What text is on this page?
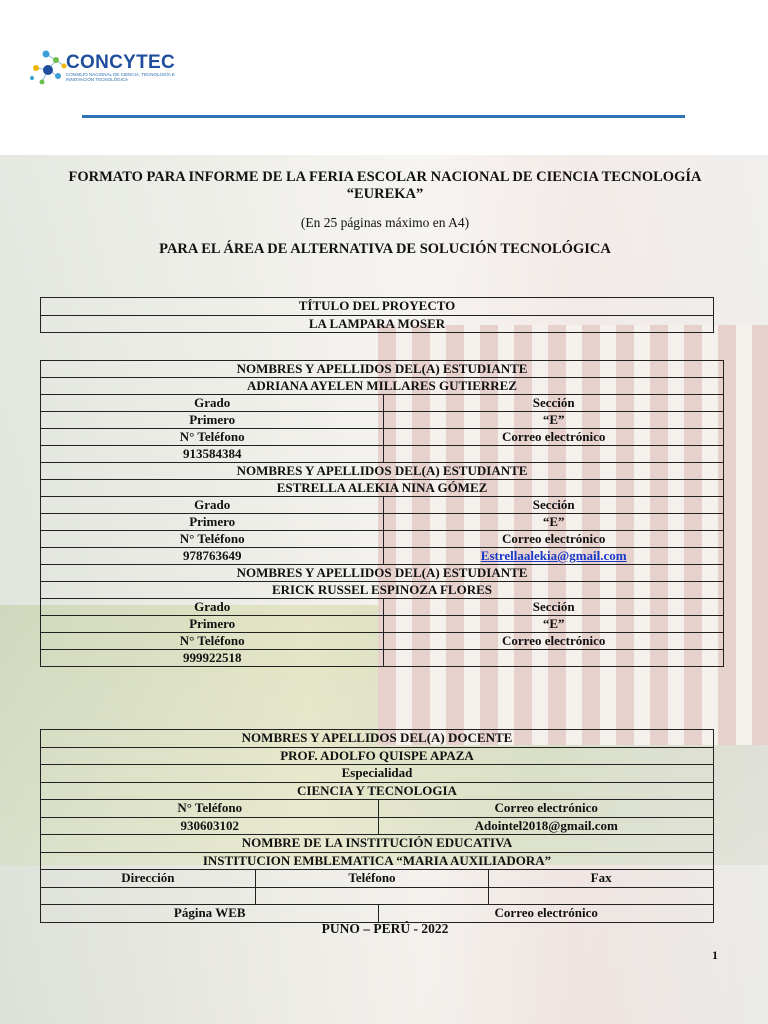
CONCYTEC
CONSEJO NACIONAL DE CIENCIA, TECNOLOGÍA E INNOVACIÓN TECNOLÓGICA
FORMATO PARA INFORME DE LA FERIA ESCOLAR NACIONAL DE CIENCIA TECNOLOGÍA “EUREKA”
(En 25 páginas máximo en A4)
PARA EL ÁREA DE ALTERNATIVA DE SOLUCIÓN TECNOLÓGICA
TÍTULO DEL PROYECTO
LA LAMPARA MOSER
NOMBRES Y APELLIDOS DEL(A) ESTUDIANTE	
ADRIANA AYELEN MILLARES GUTIERREZ	
Grado	Sección
Primero	“E”
N° Teléfono	Correo electrónico
913584384	
NOMBRES Y APELLIDOS DEL(A) ESTUDIANTE	
ESTRELLA ALEKIA NINA GÓMEZ	
Grado	Sección
Primero	“E”
N° Teléfono	Correo electrónico
978763649	Estrellaalekia@gmail.com
NOMBRES Y APELLIDOS DEL(A) ESTUDIANTE	
ERICK RUSSEL ESPINOZA FLORES	
Grado	Sección
Primero	“E”
N° Teléfono	Correo electrónico
999922518	
NOMBRES Y APELLIDOS DEL(A) DOCENTE			
PROF. ADOLFO QUISPE APAZA			
Especialidad			
CIENCIA Y TECNOLOGIA			
N° Teléfono		Correo electrónico	
930603102		Adointel2018@gmail.com	
NOMBRE DE LA INSTITUCIÓN EDUCATIVA			
INSTITUCION EMBLEMATICA “MARIA AUXILIADORA”			
Dirección	Teléfono		Fax

Página WEB		Correo electrónico	
PUNO – PERÚ - 2022
1
